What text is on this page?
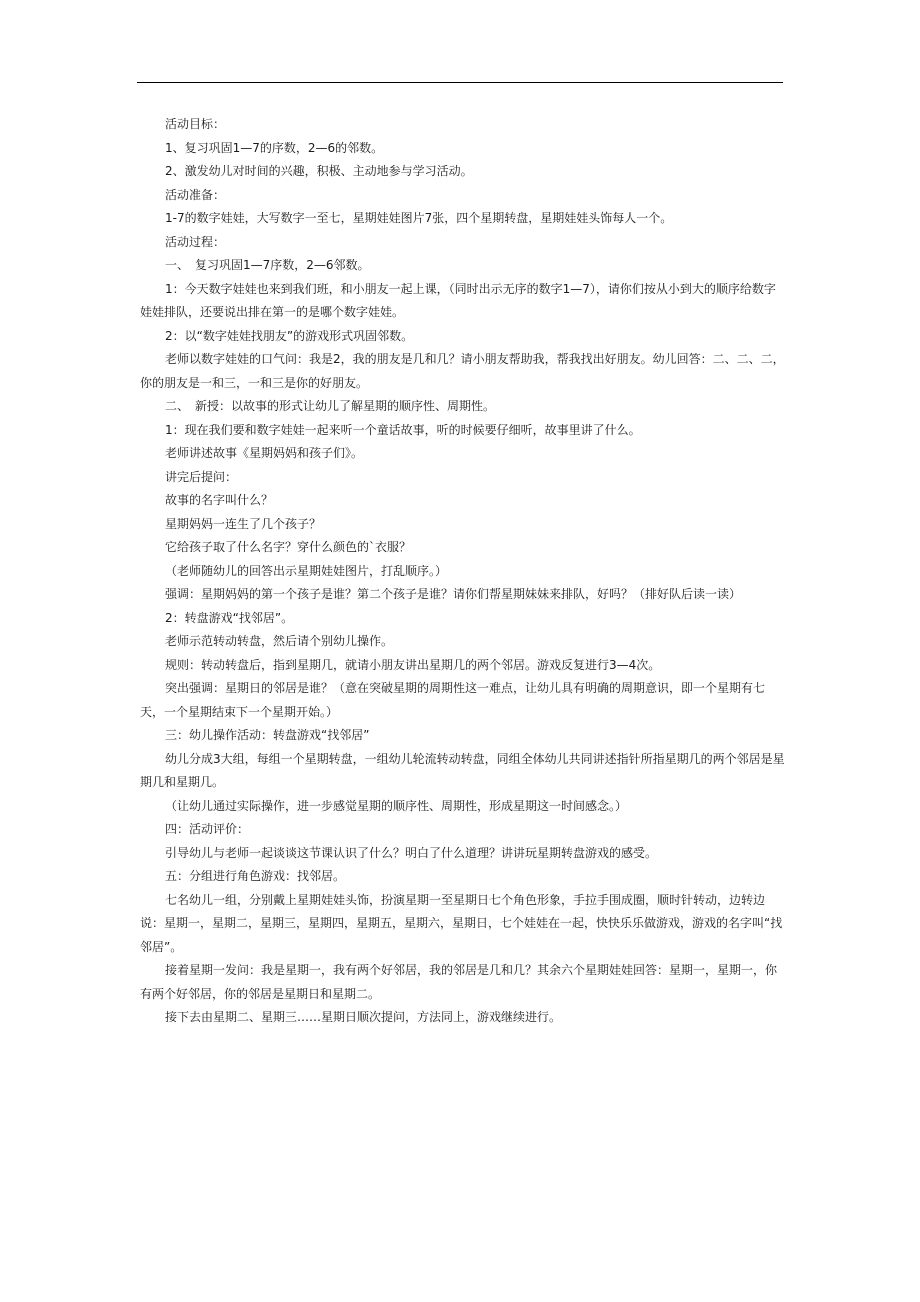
活动目标：

1、复习巩固1—7的序数，2—6的邻数。

2、激发幼儿对时间的兴趣，积极、主动地参与学习活动。

活动准备：

1-7的数字娃娃，大写数字一至七，星期娃娃图片7张，四个星期转盘，星期娃娃头饰每人一个。

活动过程：

一、　复习巩固1—7序数，2—6邻数。

1：今天数字娃娃也来到我们班，和小朋友一起上课，（同时出示无序的数字1—7），请你们按从小到大的顺序给数字娃娃排队，还要说出排在第一的是哪个数字娃娃。

2：以“数字娃娃找朋友”的游戏形式巩固邻数。

老师以数字娃娃的口气问：我是2，我的朋友是几和几？请小朋友帮助我，帮我找出好朋友。幼儿回答：二、二、二，你的朋友是一和三，一和三是你的好朋友。

二、　新授：以故事的形式让幼儿了解星期的顺序性、周期性。

1：现在我们要和数字娃娃一起来听一个童话故事，听的时候要仔细听，故事里讲了什么。

老师讲述故事《星期妈妈和孩子们》。

讲完后提问：

故事的名字叫什么？

星期妈妈一连生了几个孩子？

它给孩子取了什么名字？穿什么颜色的`衣服？

（老师随幼儿的回答出示星期娃娃图片，打乱顺序。）

强调：星期妈妈的第一个孩子是谁？第二个孩子是谁？请你们帮星期妹妹来排队，好吗？（排好队后读一读）

2：转盘游戏“找邻居”。

老师示范转动转盘，然后请个别幼儿操作。

规则：转动转盘后，指到星期几，就请小朋友讲出星期几的两个邻居。游戏反复进行3—4次。

突出强调：星期日的邻居是谁？（意在突破星期的周期性这一难点，让幼儿具有明确的周期意识，即一个星期有七天，一个星期结束下一个星期开始。）

三：幼儿操作活动：转盘游戏“找邻居”

幼儿分成3大组，每组一个星期转盘，一组幼儿轮流转动转盘，同组全体幼儿共同讲述指针所指星期几的两个邻居是星期几和星期几。

（让幼儿通过实际操作，进一步感觉星期的顺序性、周期性，形成星期这一时间感念。）

四：活动评价：

引导幼儿与老师一起谈谈这节课认识了什么？明白了什么道理？讲讲玩星期转盘游戏的感受。

五：分组进行角色游戏：找邻居。

七名幼儿一组，分别戴上星期娃娃头饰，扮演星期一至星期日七个角色形象，手拉手围成圈，顺时针转动，边转边说：星期一，星期二，星期三，星期四，星期五，星期六，星期日，七个娃娃在一起，快快乐乐做游戏，游戏的名字叫“找邻居”。

接着星期一发问：我是星期一，我有两个好邻居，我的邻居是几和几？其余六个星期娃娃回答：星期一，星期一，你有两个好邻居，你的邻居是星期日和星期二。

接下去由星期二、星期三……星期日顺次提问，方法同上，游戏继续进行。
